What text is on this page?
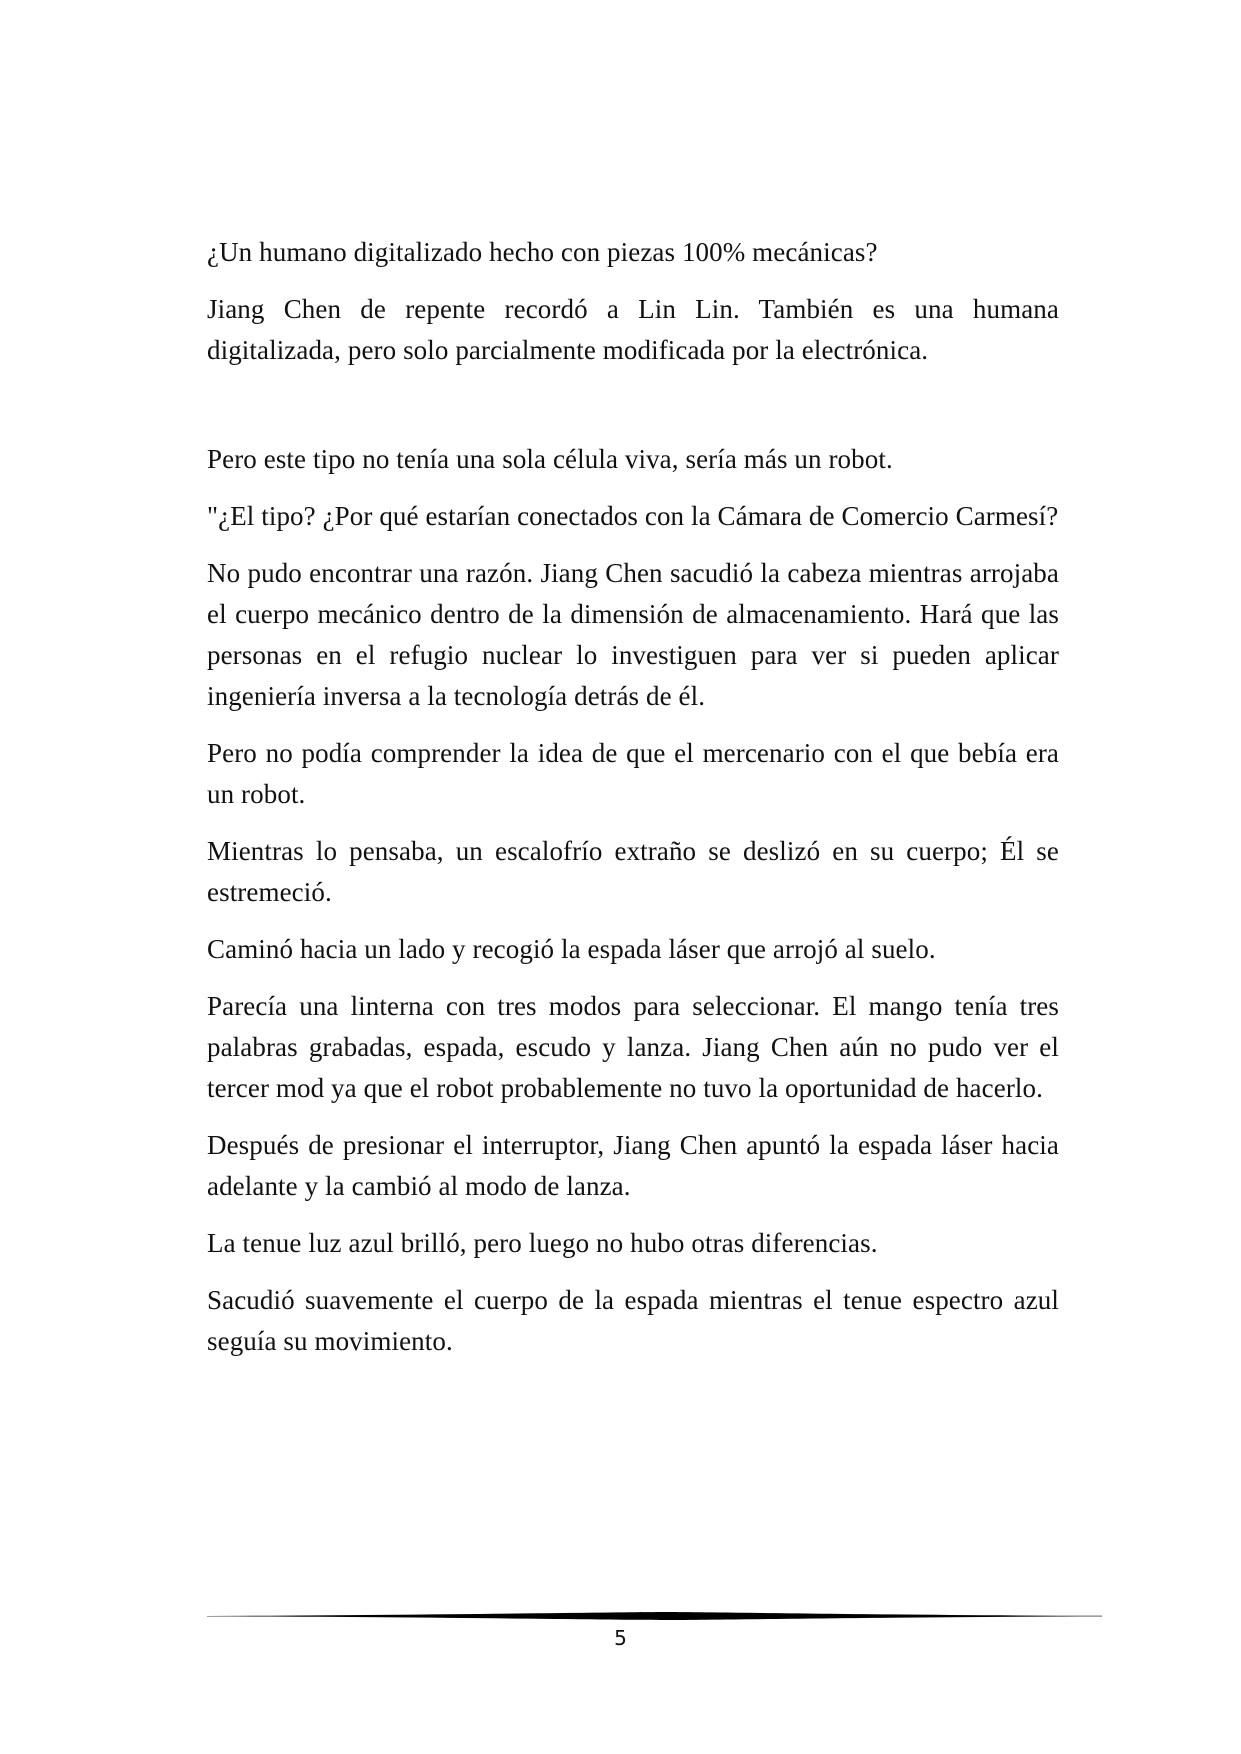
¿Un humano digitalizado hecho con piezas 100% mecánicas?

Jiang Chen de repente recordó a Lin Lin. También es una humana digitalizada, pero solo parcialmente modificada por la electrónica.

Pero este tipo no tenía una sola célula viva, sería más un robot.

"¿El tipo? ¿Por qué estarían conectados con la Cámara de Comercio Carmesí?

No pudo encontrar una razón. Jiang Chen sacudió la cabeza mientras arrojaba el cuerpo mecánico dentro de la dimensión de almacenamiento. Hará que las personas en el refugio nuclear lo investiguen para ver si pueden aplicar ingeniería inversa a la tecnología detrás de él.

Pero no podía comprender la idea de que el mercenario con el que bebía era un robot.

Mientras lo pensaba, un escalofrío extraño se deslizó en su cuerpo; Él se estremeció.

Caminó hacia un lado y recogió la espada láser que arrojó al suelo.

Parecía una linterna con tres modos para seleccionar. El mango tenía tres palabras grabadas, espada, escudo y lanza. Jiang Chen aún no pudo ver el tercer mod ya que el robot probablemente no tuvo la oportunidad de hacerlo.

Después de presionar el interruptor, Jiang Chen apuntó la espada láser hacia adelante y la cambió al modo de lanza.

La tenue luz azul brilló, pero luego no hubo otras diferencias.

Sacudió suavemente el cuerpo de la espada mientras el tenue espectro azul seguía su movimiento.

5
